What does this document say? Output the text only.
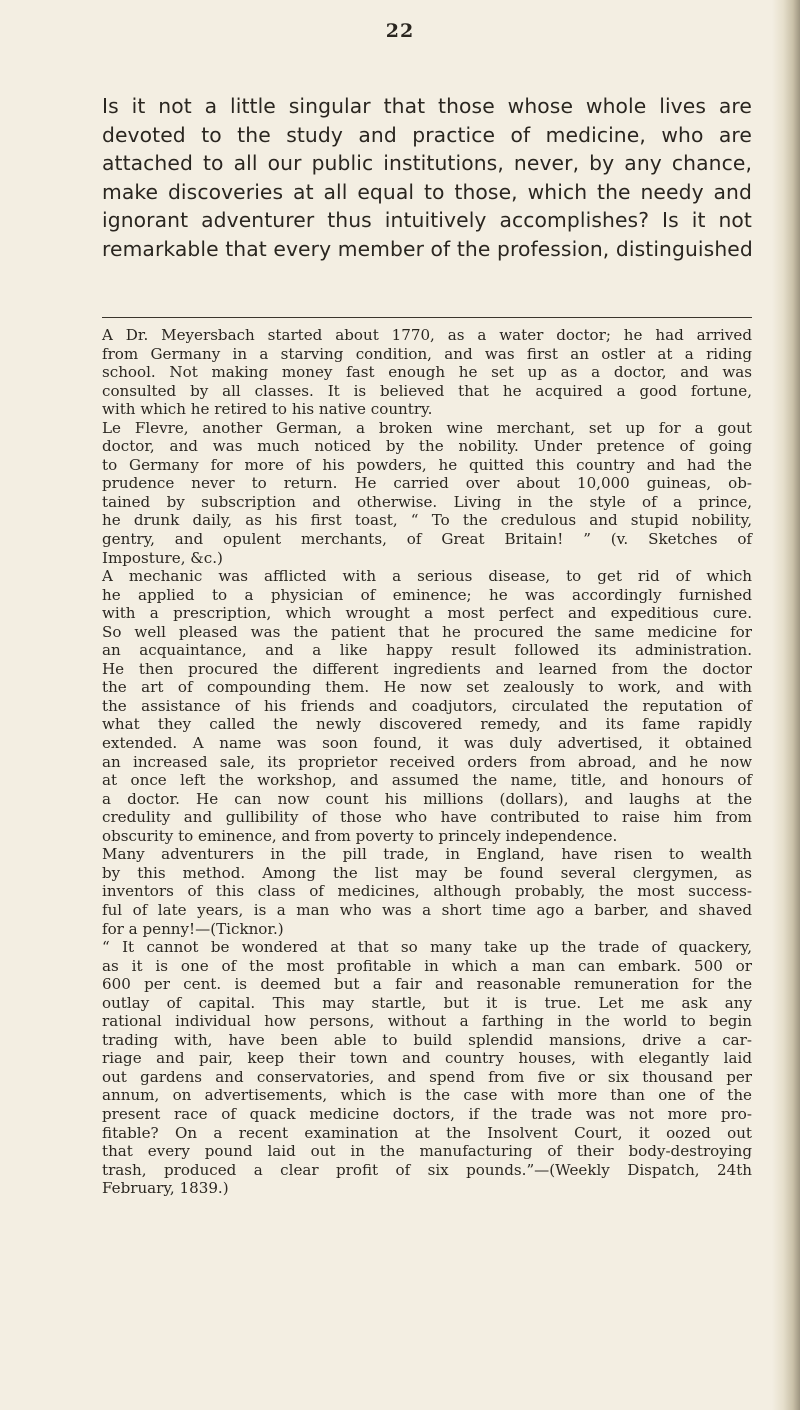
22
Is it not a little singular that those whose whole lives are
devoted to the study and practice of medicine, who are
attached to all our public institutions, never, by any chance,
make discoveries at all equal to those, which the needy and
ignorant adventurer thus intuitively accomplishes? Is it not
remarkable that every member of the profession, distinguished
A Dr. Meyersbach started about 1770, as a water doctor; he had arrived
from Germany in a starving condition, and was first an ostler at a riding
school. Not making money fast enough he set up as a doctor, and was
consulted by all classes. It is believed that he acquired a good fortune,
with which he retired to his native country.
Le Flevre, another German, a broken wine merchant, set up for a gout
doctor, and was much noticed by the nobility. Under pretence of going
to Germany for more of his powders, he quitted this country and had the
prudence never to return. He carried over about 10,000 guineas, ob-
tained by subscription and otherwise. Living in the style of a prince,
he drunk daily, as his first toast, “ To the credulous and stupid nobility,
gentry, and opulent merchants, of Great Britain! ” (v. Sketches of
Imposture, &c.)
A mechanic was afflicted with a serious disease, to get rid of which
he applied to a physician of eminence; he was accordingly furnished
with a prescription, which wrought a most perfect and expeditious cure.
So well pleased was the patient that he procured the same medicine for
an acquaintance, and a like happy result followed its administration.
He then procured the different ingredients and learned from the doctor
the art of compounding them. He now set zealously to work, and with
the assistance of his friends and coadjutors, circulated the reputation of
what they called the newly discovered remedy, and its fame rapidly
extended. A name was soon found, it was duly advertised, it obtained
an increased sale, its proprietor received orders from abroad, and he now
at once left the workshop, and assumed the name, title, and honours of
a doctor. He can now count his millions (dollars), and laughs at the
credulity and gullibility of those who have contributed to raise him from
obscurity to eminence, and from poverty to princely independence.
Many adventurers in the pill trade, in England, have risen to wealth
by this method. Among the list may be found several clergymen, as
inventors of this class of medicines, although probably, the most success-
ful of late years, is a man who was a short time ago a barber, and shaved
for a penny!—(Ticknor.)
“ It cannot be wondered at that so many take up the trade of quackery,
as it is one of the most profitable in which a man can embark. 500 or
600 per cent. is deemed but a fair and reasonable remuneration for the
outlay of capital. This may startle, but it is true. Let me ask any
rational individual how persons, without a farthing in the world to begin
trading with, have been able to build splendid mansions, drive a car-
riage and pair, keep their town and country houses, with elegantly laid
out gardens and conservatories, and spend from five or six thousand per
annum, on advertisements, which is the case with more than one of the
present race of quack medicine doctors, if the trade was not more pro-
fitable? On a recent examination at the Insolvent Court, it oozed out
that every pound laid out in the manufacturing of their body-destroying
trash, produced a clear profit of six pounds.”—(Weekly Dispatch, 24th
February, 1839.)
